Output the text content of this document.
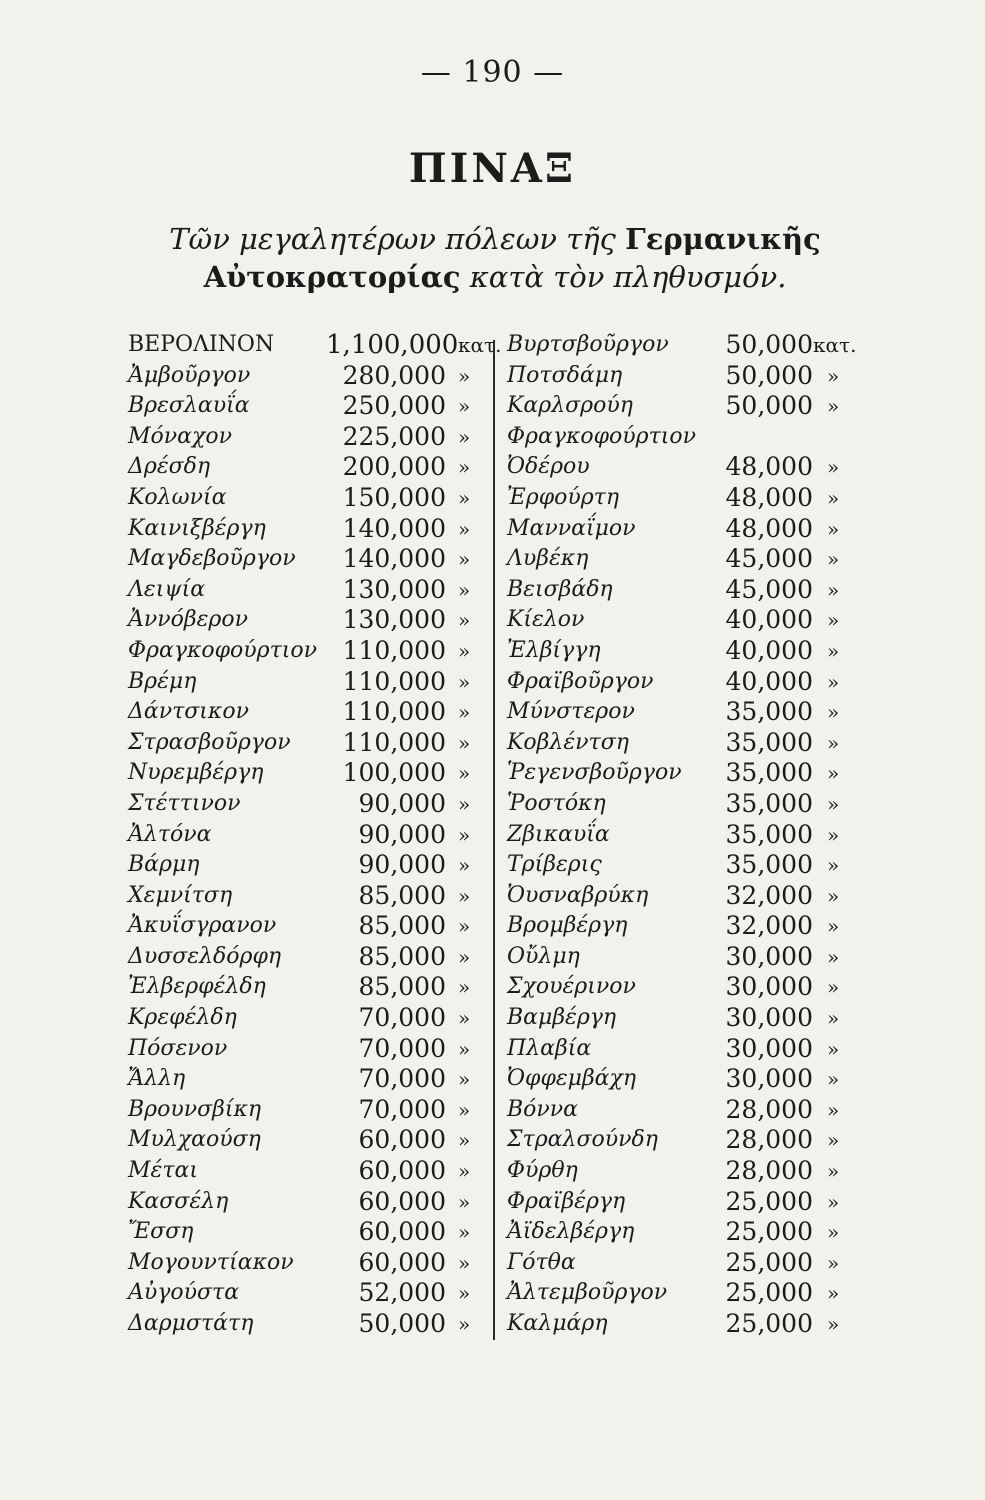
— 190 —
ΠΙΝΑΞ
Τῶν μεγαλητέρων πόλεων τῆς Γερμανικῆς
Αὐτοκρατορίας κατὰ τὸν πληθυσμόν.
ΒΕΡΟΛΙΝΟΝ 1,100,000 κατ.
Ἀμβοῦργον	280,000 »
Βρεσλαυΐα	250,000 »
Μόναχον	225,000 »
Δρέσδη	200,000 »
Κολωνία	150,000 »
Καινιξβέργη	140,000 »
Μαγδεβοῦργον	140,000 »
Λειψία	130,000 »
Ἀννόβερον	130,000 »
Φραγκοφούρτιον	110,000 »
Βρέμη	110,000 »
Δάντσικον	110,000 »
Στρασβοῦργον	110,000 »
Νυρεμβέργη	100,000 »
Στέττινον	90,000 »
Ἀλτόνα	90,000 »
Βάρμη	90,000 »
Χεμνίτση	85,000 »
Ἀκυΐσγρανον	85,000 »
Δυσσελδόρφη	85,000 »
Ἐλβερφέλδη	85,000 »
Κρεφέλδη	70,000 »
Πόσενον	70,000 »
Ἄλλη	70,000 »
Βρουνσβίκη	70,000 »
Μυλχαούση	60,000 »
Μέται	60,000 »
Κασσέλη	60,000 »
Ἔσση	60,000 »
Μογουντίακον	60,000 »
Αὐγούστα	52,000 »
Δαρμστάτη	50,000 »
Βυρτσβοῦργον	50,000 κατ.
Ποτσδάμη	50,000 »
Καρλσρούη	50,000 »
Φραγκοφούρτιον
Ὀδέρου	48,000 »
Ἐρφούρτη	48,000 »
Μανναΐμον	48,000 »
Λυβέκη	45,000 »
Βεισβάδη	45,000 »
Κίελον	40,000 »
Ἐλβίγγη	40,000 »
Φραϊβοῦργον	40,000 »
Μύνστερον	35,000 »
Κοβλέντση	35,000 »
Ῥεγενσβοῦργον	35,000 »
Ῥοστόκη	35,000 »
Ζβικαυΐα	35,000 »
Τρίβερις	35,000 »
Ὀυσναβρύκη	32,000 »
Βρομβέργη	32,000 »
Οὔλμη	30,000 »
Σχουέρινον	30,000 »
Βαμβέργη	30,000 »
Πλαβία	30,000 »
Ὀφφεμβάχη	30,000 »
Βόννα	28,000 »
Στραλσούνδη	28,000 »
Φύρθη	28,000 »
Φραϊβέργη	25,000 »
Ἀϊδελβέργη	25,000 »
Γότθα	25,000 »
Ἀλτεμβοῦργον	25,000 »
Καλμάρη	25,000 »
